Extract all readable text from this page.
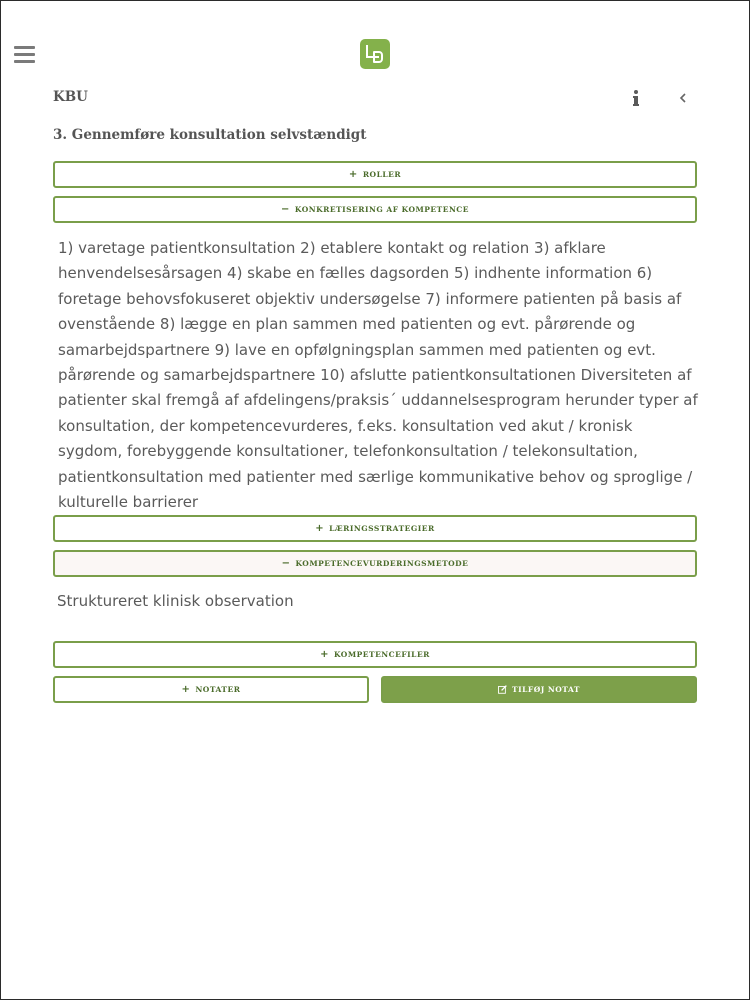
KBU
3. Gennemføre konsultation selvstændigt
+ ROLLER
− KONKRETISERING AF KOMPETENCE
1) varetage patientkonsultation 2) etablere kontakt og relation 3) afklare henvendelsesårsagen 4) skabe en fælles dagsorden 5) indhente information 6) foretage behovsfokuseret objektiv undersøgelse 7) informere patienten på basis af ovenstående 8) lægge en plan sammen med patienten og evt. pårørende og samarbejdspartnere 9) lave en opfølgningsplan sammen med patienten og evt. pårørende og samarbejdspartnere 10) afslutte patientkonsultationen Diversiteten af patienter skal fremgå af afdelingens/praksis´ uddannelsesprogram herunder typer af konsultation, der kompetencevurderes, f.eks. konsultation ved akut / kronisk sygdom, forebyggende konsultationer, telefonkonsultation / telekonsultation, patientkonsultation med patienter med særlige kommunikative behov og sproglige / kulturelle barrierer
+ LÆRINGSSTRATEGIER
− KOMPETENCEVURDERINGSMETODE
Struktureret klinisk observation
+ KOMPETENCEFILER
+ NOTATER	TILFØJ NOTAT
